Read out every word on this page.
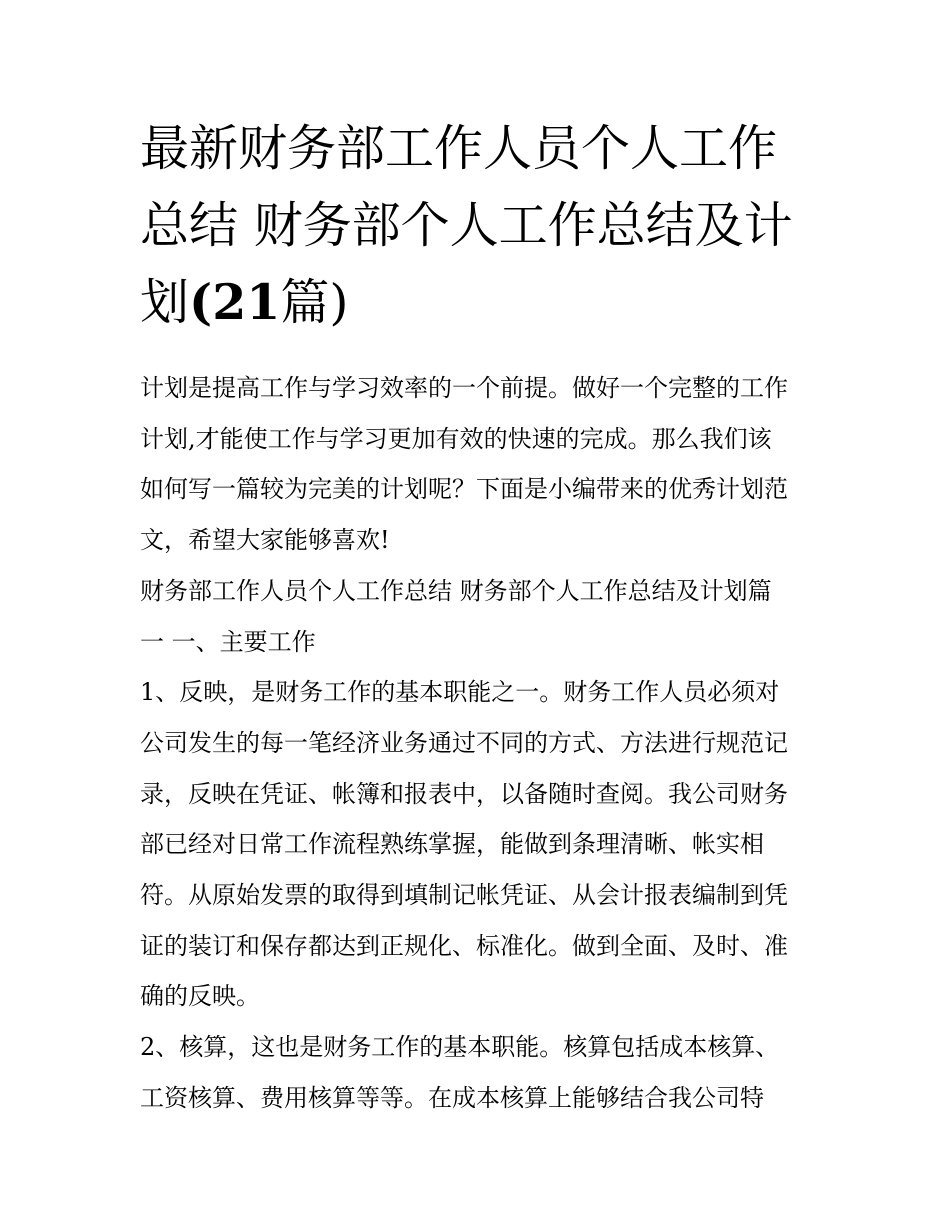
最新财务部工作人员个人工作
总结 财务部个人工作总结及计
划(21篇)

计划是提高工作与学习效率的一个前提。做好一个完整的工作
计划,才能使工作与学习更加有效的快速的完成。那么我们该
如何写一篇较为完美的计划呢？下面是小编带来的优秀计划范
文，希望大家能够喜欢!

财务部工作人员个人工作总结 财务部个人工作总结及计划篇
一 一、主要工作

1、反映，是财务工作的基本职能之一。财务工作人员必须对
公司发生的每一笔经济业务通过不同的方式、方法进行规范记
录，反映在凭证、帐簿和报表中，以备随时查阅。我公司财务
部已经对日常工作流程熟练掌握，能做到条理清晰、帐实相
符。从原始发票的取得到填制记帐凭证、从会计报表编制到凭
证的装订和保存都达到正规化、标准化。做到全面、及时、准
确的反映。

2、核算，这也是财务工作的基本职能。核算包括成本核算、
工资核算、费用核算等等。在成本核算上能够结合我公司特
